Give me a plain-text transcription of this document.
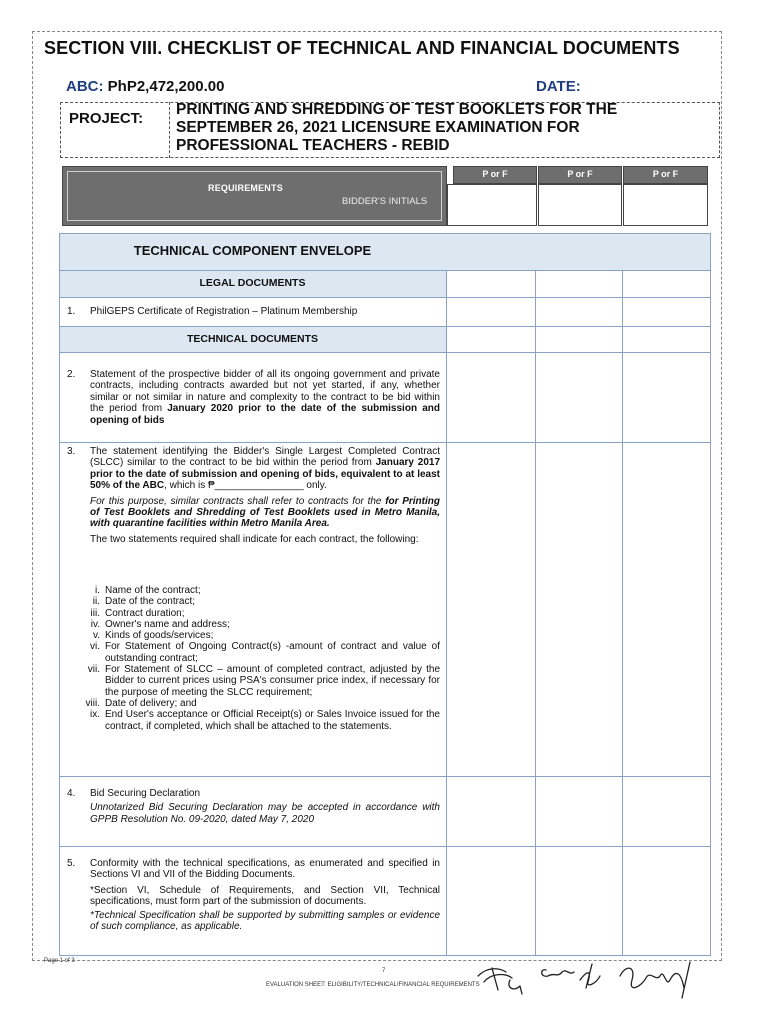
SECTION VIII. CHECKLIST OF TECHNICAL AND FINANCIAL DOCUMENTS
ABC: PhP2,472,200.00	DATE:
PROJECT:
PRINTING AND SHREDDING OF TEST BOOKLETS FOR THE
SEPTEMBER 26, 2021 LICENSURE EXAMINATION FOR
PROFESSIONAL TEACHERS - REBID
REQUIREMENTS
BIDDER'S INITIALS
P or F	P or F	P or F
TECHNICAL COMPONENT ENVELOPE
LEGAL DOCUMENTS
TECHNICAL DOCUMENTS
1. PhilGEPS Certificate of Registration – Platinum Membership
2. Statement of the prospective bidder of all its ongoing government and private contracts, including contracts awarded but not yet started, if any, whether similar or not similar in nature and complexity to the contract to be bid within the period from January 2020 prior to the date of the submission and opening of bids
3. The statement identifying the Bidder's Single Largest Completed Contract (SLCC) similar to the contract to be bid within the period from January 2017 prior to the date of submission and opening of bids, equivalent to at least 50% of the ABC, which is ₱________________ only.

For this purpose, similar contracts shall refer to contracts for the for Printing of Test Booklets and Shredding of Test Booklets used in Metro Manila, with quarantine facilities within Metro Manila Area.

The two statements required shall indicate for each contract, the following:

i. Name of the contract;
ii. Date of the contract;
iii. Contract duration;
iv. Owner's name and address;
v. Kinds of goods/services;
vi. For Statement of Ongoing Contract(s) -amount of contract and value of outstanding contract;
vii. For Statement of SLCC – amount of completed contract, adjusted by the Bidder to current prices using PSA's consumer price index, if necessary for the purpose of meeting the SLCC requirement;
viii. Date of delivery; and
ix. End User's acceptance or Official Receipt(s) or Sales Invoice issued for the contract, if completed, which shall be attached to the statements.
4. Bid Securing Declaration

Unnotarized Bid Securing Declaration may be accepted in accordance with GPPB Resolution No. 09-2020, dated May 7, 2020

5. Conformity with the technical specifications, as enumerated and specified in Sections VI and VII of the Bidding Documents.

*Section VI, Schedule of Requirements, and Section VII, Technical specifications, must form part of the submission of documents.

*Technical Specification shall be supported by submitting samples or evidence of such compliance, as applicable.

Page 1 of 3
7
EVALUATION SHEET: ELIGIBILITY/TECHNICAL/FINANCIAL REQUIREMENTS
